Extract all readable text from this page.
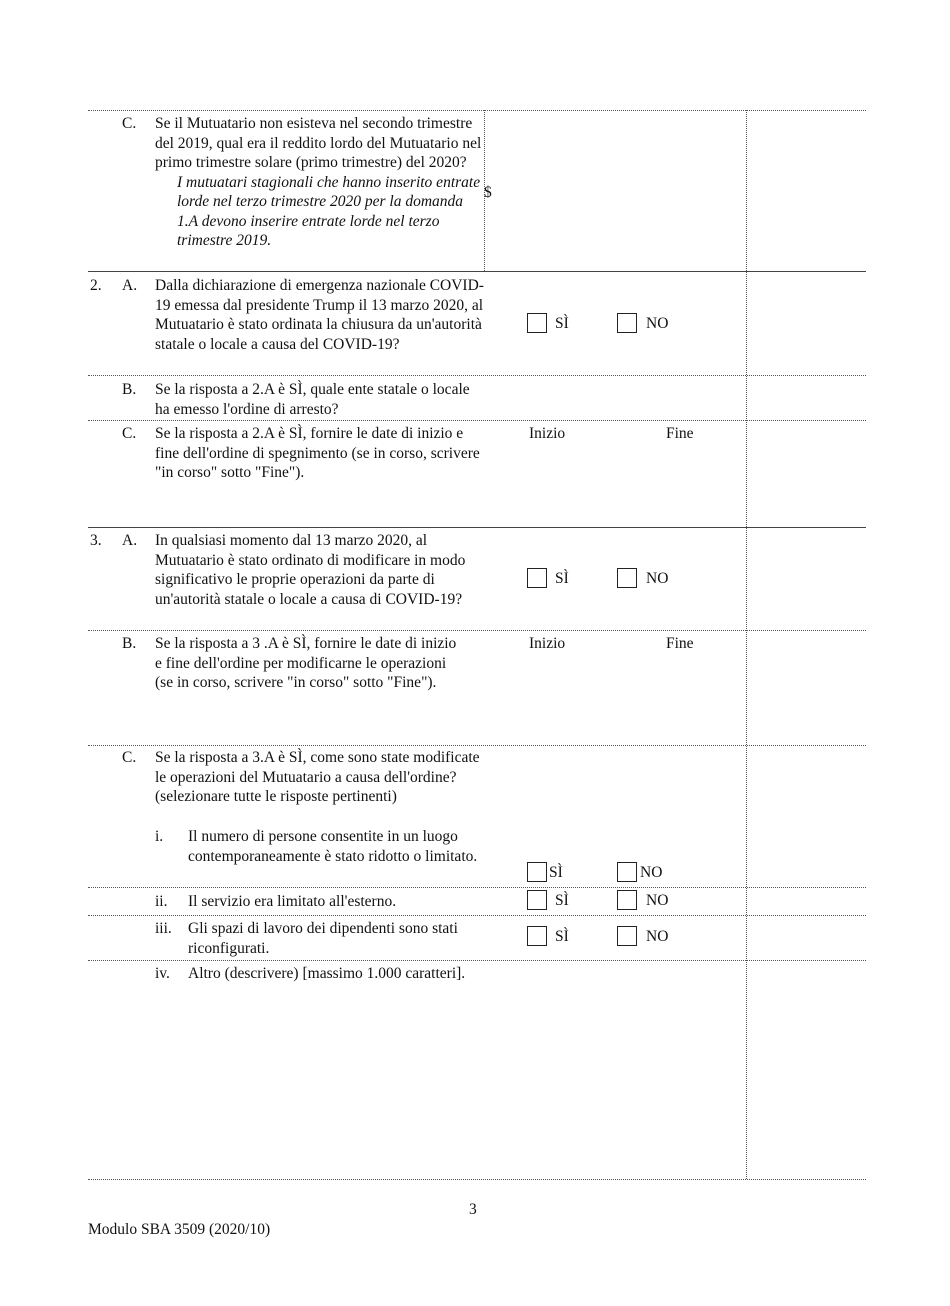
C.	Se il Mutuatario non esisteva nel secondo trimestre del 2019, qual era il reddito lordo del Mutuatario nel primo trimestre solare (primo trimestre) del 2020?
I mutuatari stagionali che hanno inserito entrate lorde nel terzo trimestre 2020 per la domanda 1.A devono inserire entrate lorde nel terzo trimestre 2019.
$
2.	A.	Dalla dichiarazione di emergenza nazionale COVID-19 emessa dal presidente Trump il 13 marzo 2020, al Mutuatario è stato ordinata la chiusura da un'autorità statale o locale a causa del COVID-19?
SÌ	NO
B.	Se la risposta a 2.A è SÌ, quale ente statale o locale ha emesso l'ordine di arresto?
C.	Se la risposta a 2.A è SÌ, fornire le date di inizio e fine dell'ordine di spegnimento (se in corso, scrivere "in corso" sotto "Fine").
Inizio	Fine
3.	A.	In qualsiasi momento dal 13 marzo 2020, al Mutuatario è stato ordinato di modificare in modo significativo le proprie operazioni da parte di un'autorità statale o locale a causa di COVID-19?
SÌ	NO
B.	Se la risposta a 3 .A è SÌ, fornire le date di inizio e fine dell'ordine per modificarne le operazioni (se in corso, scrivere "in corso" sotto "Fine").
Inizio	Fine
C.	Se la risposta a 3.A è SÌ, come sono state modificate le operazioni del Mutuatario a causa dell'ordine? (selezionare tutte le risposte pertinenti)
i. Il numero di persone consentite in un luogo contemporaneamente è stato ridotto o limitato.
SÌ	NO
ii. Il servizio era limitato all'esterno.	SÌ	NO
iii. Gli spazi di lavoro dei dipendenti sono stati riconfigurati.
SÌ	NO
iv. Altro (descrivere) [massimo 1.000 caratteri].
3
Modulo SBA 3509 (2020/10)
